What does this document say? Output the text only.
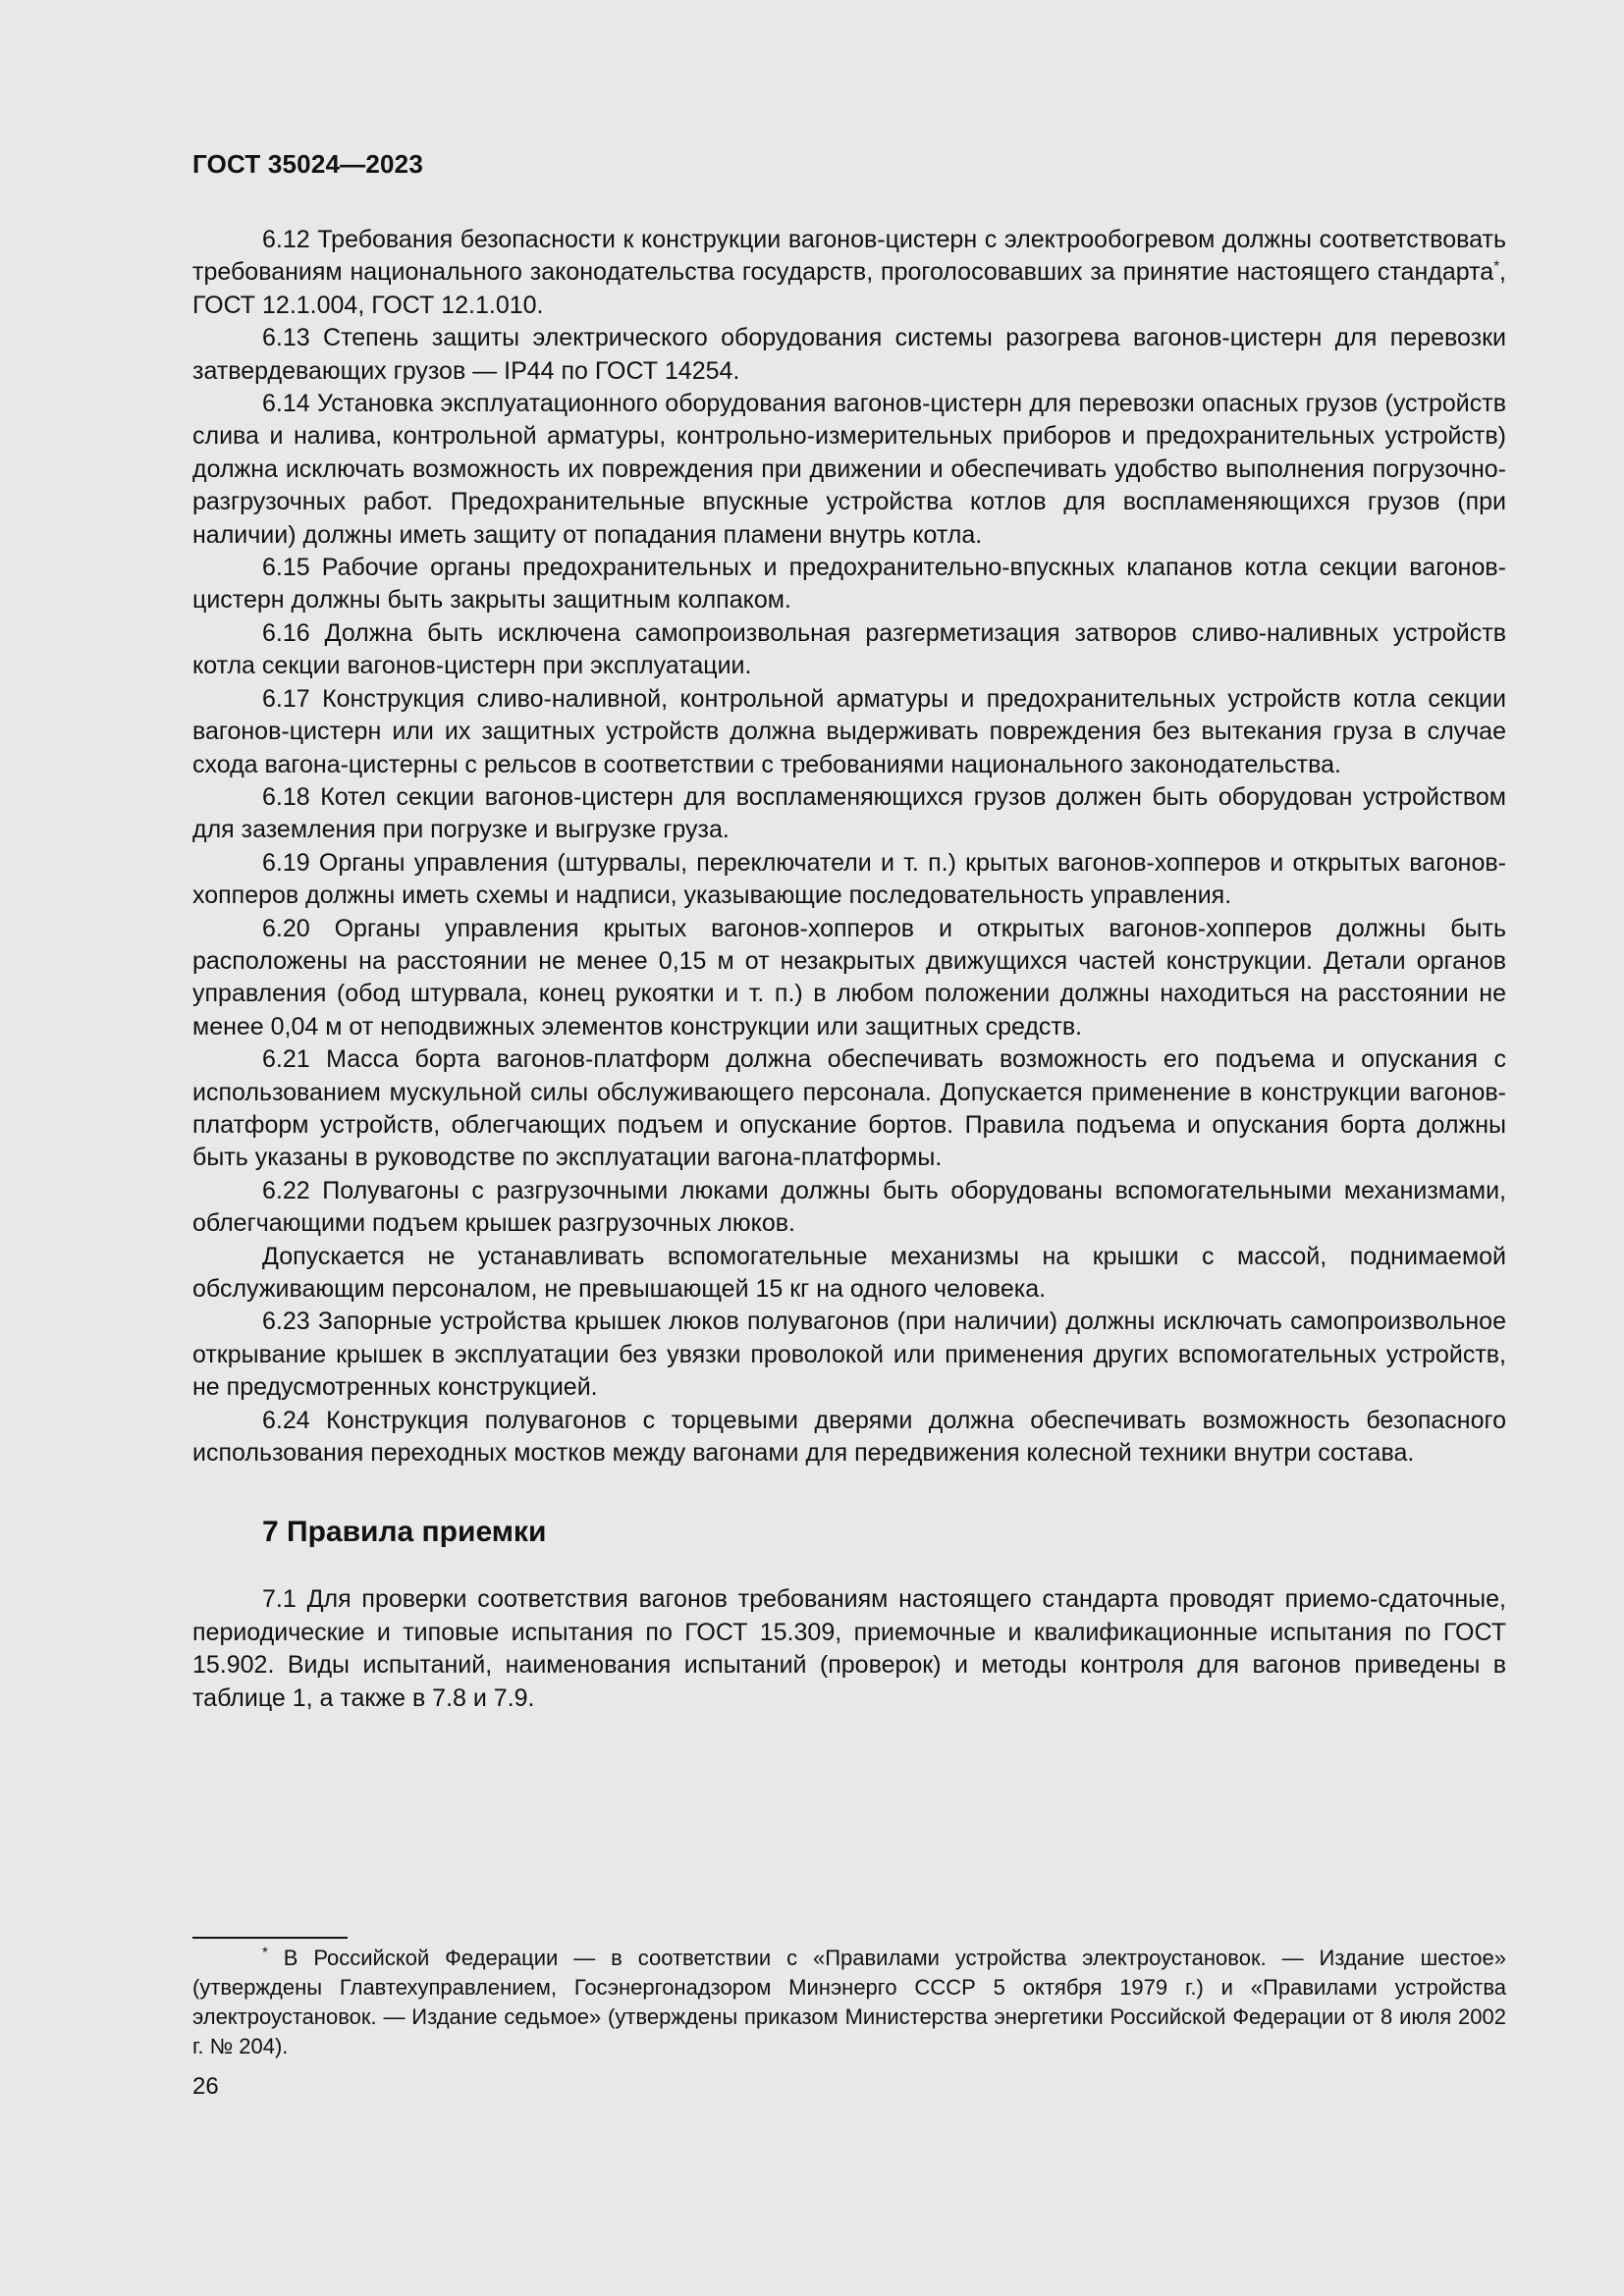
ГОСТ 35024—2023

6.12 Требования безопасности к конструкции вагонов-цистерн с электрообогревом должны соответствовать требованиям национального законодательства государств, проголосовавших за принятие настоящего стандарта*, ГОСТ 12.1.004, ГОСТ 12.1.010.

6.13 Степень защиты электрического оборудования системы разогрева вагонов-цистерн для перевозки затвердевающих грузов — IP44 по ГОСТ 14254.

6.14 Установка эксплуатационного оборудования вагонов-цистерн для перевозки опасных грузов (устройств слива и налива, контрольной арматуры, контрольно-измерительных приборов и предохранительных устройств) должна исключать возможность их повреждения при движении и обеспечивать удобство выполнения погрузочно-разгрузочных работ. Предохранительные впускные устройства котлов для воспламеняющихся грузов (при наличии) должны иметь защиту от попадания пламени внутрь котла.

6.15 Рабочие органы предохранительных и предохранительно-впускных клапанов котла секции вагонов-цистерн должны быть закрыты защитным колпаком.

6.16 Должна быть исключена самопроизвольная разгерметизация затворов сливо-наливных устройств котла секции вагонов-цистерн при эксплуатации.

6.17 Конструкция сливо-наливной, контрольной арматуры и предохранительных устройств котла секции вагонов-цистерн или их защитных устройств должна выдерживать повреждения без вытекания груза в случае схода вагона-цистерны с рельсов в соответствии с требованиями национального законодательства.

6.18 Котел секции вагонов-цистерн для воспламеняющихся грузов должен быть оборудован устройством для заземления при погрузке и выгрузке груза.

6.19 Органы управления (штурвалы, переключатели и т. п.) крытых вагонов-хопперов и открытых вагонов-хопперов должны иметь схемы и надписи, указывающие последовательность управления.

6.20 Органы управления крытых вагонов-хопперов и открытых вагонов-хопперов должны быть расположены на расстоянии не менее 0,15 м от незакрытых движущихся частей конструкции. Детали органов управления (обод штурвала, конец рукоятки и т. п.) в любом положении должны находиться на расстоянии не менее 0,04 м от неподвижных элементов конструкции или защитных средств.

6.21 Масса борта вагонов-платформ должна обеспечивать возможность его подъема и опускания с использованием мускульной силы обслуживающего персонала. Допускается применение в конструкции вагонов-платформ устройств, облегчающих подъем и опускание бортов. Правила подъема и опускания борта должны быть указаны в руководстве по эксплуатации вагона-платформы.

6.22 Полувагоны с разгрузочными люками должны быть оборудованы вспомогательными механизмами, облегчающими подъем крышек разгрузочных люков.

Допускается не устанавливать вспомогательные механизмы на крышки с массой, поднимаемой обслуживающим персоналом, не превышающей 15 кг на одного человека.

6.23 Запорные устройства крышек люков полувагонов (при наличии) должны исключать самопроизвольное открывание крышек в эксплуатации без увязки проволокой или применения других вспомогательных устройств, не предусмотренных конструкцией.

6.24 Конструкция полувагонов с торцевыми дверями должна обеспечивать возможность безопасного использования переходных мостков между вагонами для передвижения колесной техники внутри состава.

7 Правила приемки

7.1 Для проверки соответствия вагонов требованиям настоящего стандарта проводят приемо-сдаточные, периодические и типовые испытания по ГОСТ 15.309, приемочные и квалификационные испытания по ГОСТ 15.902. Виды испытаний, наименования испытаний (проверок) и методы контроля для вагонов приведены в таблице 1, а также в 7.8 и 7.9.

* В Российской Федерации — в соответствии с «Правилами устройства электроустановок. — Издание шестое» (утверждены Главтехуправлением, Госэнергонадзором Минэнерго СССР 5 октября 1979 г.) и «Правилами устройства электроустановок. — Издание седьмое» (утверждены приказом Министерства энергетики Российской Федерации от 8 июля 2002 г. № 204).

26
